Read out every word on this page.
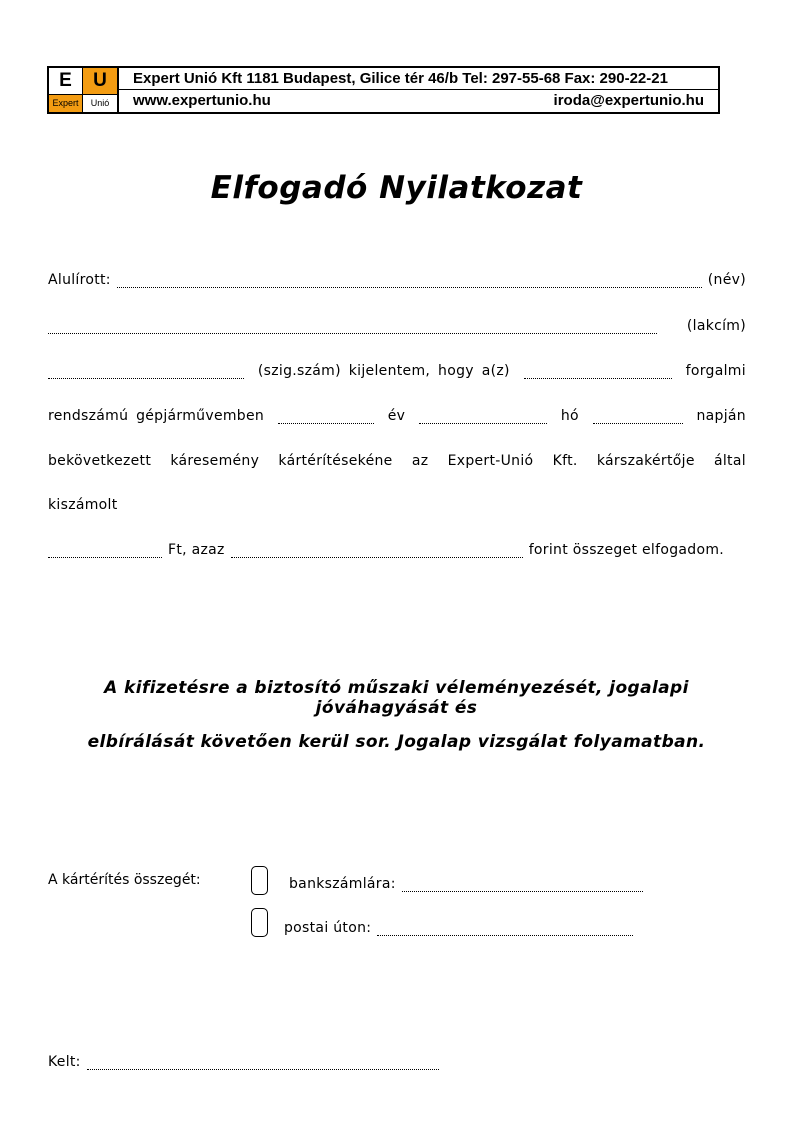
E	U
Expert	Unió
Expert Unió Kft 1181 Budapest, Gilice tér 46/b Tel: 297-55-68 Fax: 290-22-21
www.expertunio.hu	iroda@expertunio.hu
Elfogadó Nyilatkozat
Alulírott:	(név)
(lakcím)
(szig.szám) kijelentem, hogy a(z)	forgalmi
rendszámú gépjárművemben	év	hó	napján
bekövetkezett káresemény kártérítésekéne az Expert-Unió Kft. kárszakértője által
kiszámolt
Ft, azaz	forint összeget elfogadom.
A kifizetésre a biztosító műszaki véleményezését, jogalapi jóváhagyását és
elbírálását követően kerül sor. Jogalap vizsgálat folyamatban.
A kártérítés összegét:	bankszámlára:
postai úton:
Kelt:
